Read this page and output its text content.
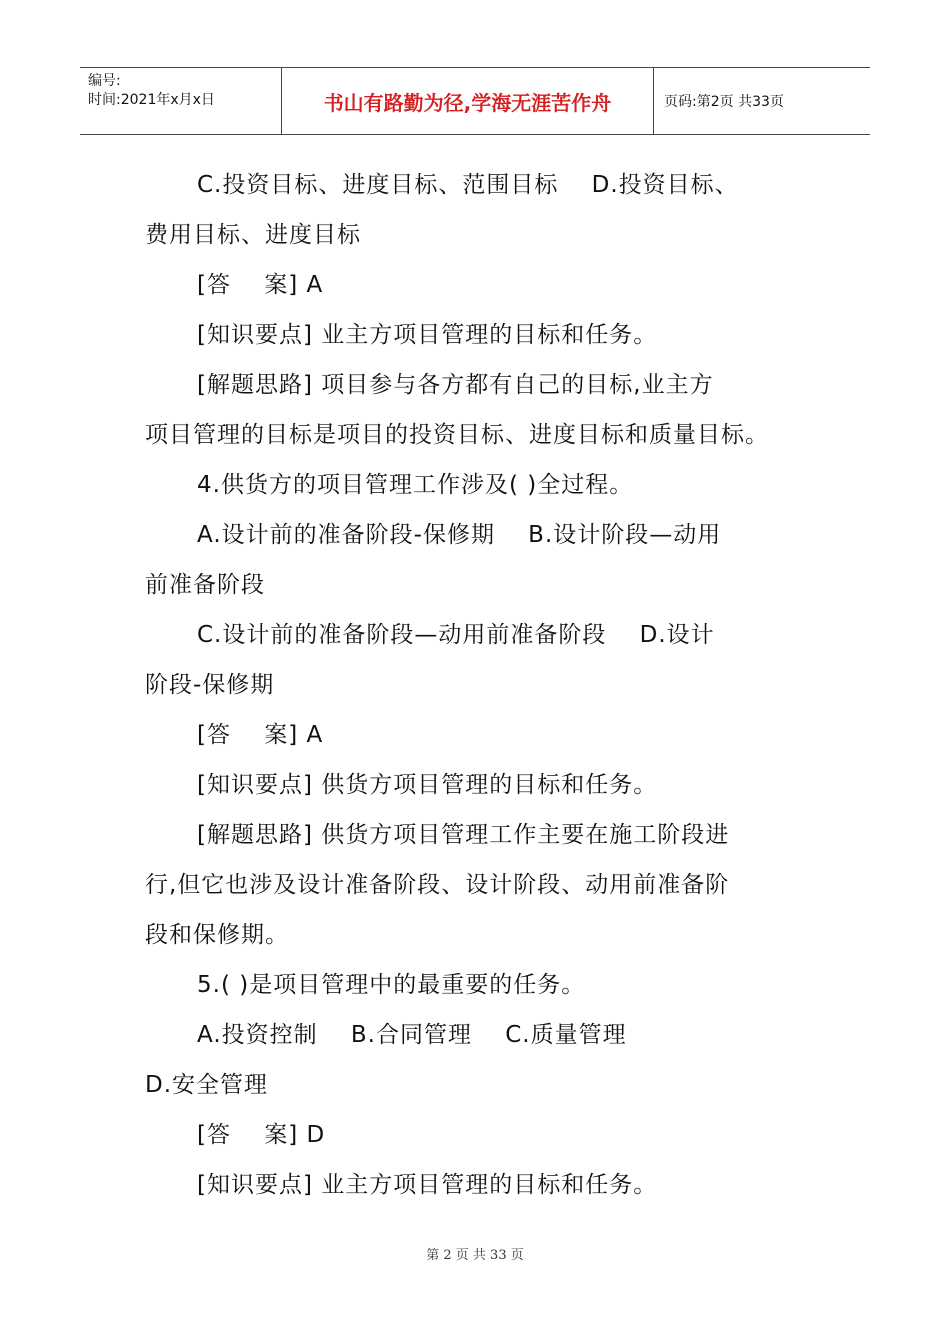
编号:
时间:2021年x月x日	书山有路勤为径,学海无涯苦作舟	页码:第2页 共33页
C.投资目标、进度目标、范围目标    D.投资目标、
费用目标、进度目标
[答    案] A
[知识要点] 业主方项目管理的目标和任务。
[解题思路] 项目参与各方都有自己的目标,业主方
项目管理的目标是项目的投资目标、进度目标和质量目标。
4.供货方的项目管理工作涉及( )全过程。
A.设计前的准备阶段-保修期    B.设计阶段—动用
前准备阶段
C.设计前的准备阶段—动用前准备阶段    D.设计
阶段-保修期
[答    案] A
[知识要点] 供货方项目管理的目标和任务。
[解题思路] 供货方项目管理工作主要在施工阶段进
行,但它也涉及设计准备阶段、设计阶段、动用前准备阶
段和保修期。
5.( )是项目管理中的最重要的任务。
A.投资控制    B.合同管理    C.质量管理
D.安全管理
[答    案] D
[知识要点] 业主方项目管理的目标和任务。
第 2 页 共 33 页
